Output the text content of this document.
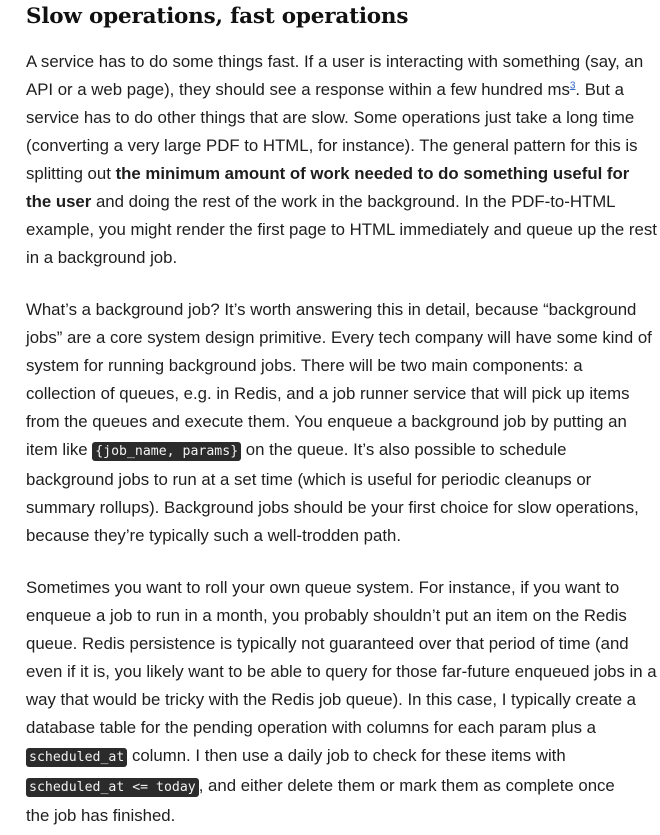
Slow operations, fast operations

A service has to do some things fast. If a user is interacting with something (say, an

API or a web page), they should see a response within a few hundred $ms^3$. But a

service has to do other things that are slow. Some operations just take a long time

(converting a very large PDF to HTML, for instance). The general pattern for this is

splitting out the minimum amount of work needed to do something useful for

the user and doing the rest of the work in the background. In the PDF-to-HTML

example, you might render the first page to HTML immediately and queue up the rest

in a background job.

What’s a background job? It’s worth answering this in detail, because “background

jobs” are a core system design primitive. Every tech company will have some kind of

system for running background jobs. There will be two main components: a

collection of queues, e.g. in Redis, and a job runner service that will pick up items

from the queues and execute them. You enqueue a background job by putting an

item like {job_name, params} on the queue. It’s also possible to schedule

background jobs to run at a set time (which is useful for periodic cleanups or

summary rollups). Background jobs should be your first choice for slow operations,

because they’re typically such a well-trodden path.

Sometimes you want to roll your own queue system. For instance, if you want to

enqueue a job to run in a month, you probably shouldn’t put an item on the Redis

queue. Redis persistence is typically not guaranteed over that period of time (and

even if it is, you likely want to be able to query for those far-future enqueued jobs in a

way that would be tricky with the Redis job queue). In this case, I typically create a

database table for the pending operation with columns for each param plus a

scheduled_at column. I then use a daily job to check for these items with

scheduled_at <= today , and either delete them or mark them as complete once

the job has finished.
